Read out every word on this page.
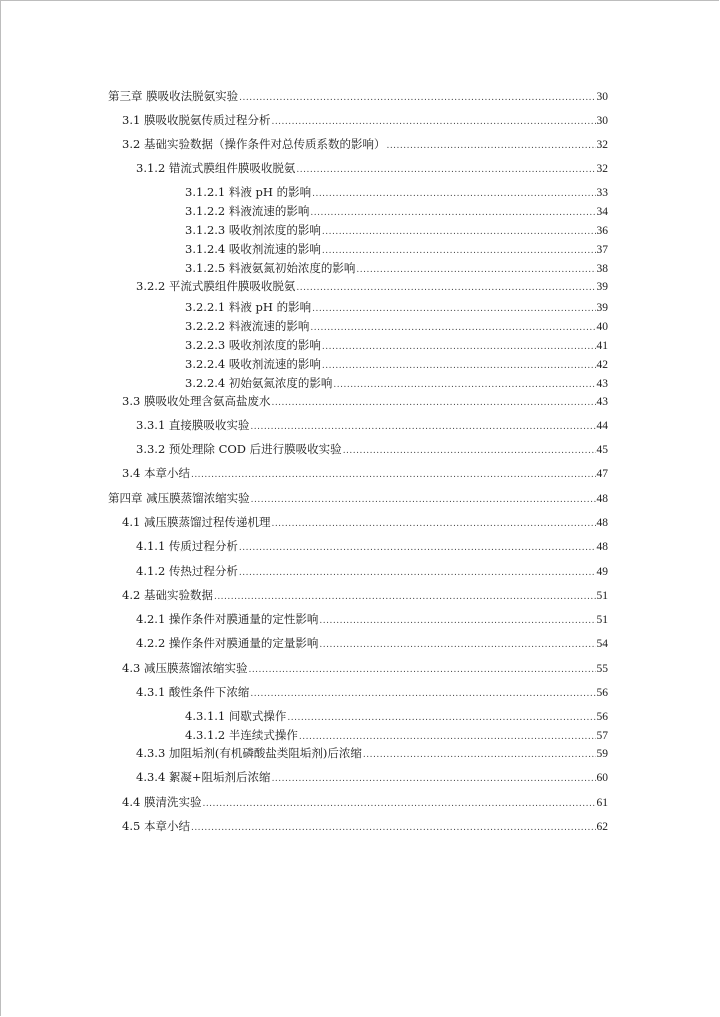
第三章 膜吸收法脱氨实验 .....	30
3.1 膜吸收脱氨传质过程分析 .....	30
3.2 基础实验数据（操作条件对总传质系数的影响） .....	32
3.1.2 错流式膜组件膜吸收脱氨 .....	32
3.1.2.1 料液 pH 的影响 .....	33
3.1.2.2 料液流速的影响 .....	34
3.1.2.3 吸收剂浓度的影响 .....	36
3.1.2.4 吸收剂流速的影响 .....	37
3.1.2.5 料液氨氮初始浓度的影响 .....	38
3.2.2 平流式膜组件膜吸收脱氨 .....	39
3.2.2.1 料液 pH 的影响 .....	39
3.2.2.2 料液流速的影响 .....	40
3.2.2.3 吸收剂浓度的影响 .....	41
3.2.2.4 吸收剂流速的影响 .....	42
3.2.2.4 初始氨氮浓度的影响 .....	43
3.3 膜吸收处理含氨高盐废水 .....	43
3.3.1 直接膜吸收实验 .....	44
3.3.2 预处理除 COD 后进行膜吸收实验 .....	45
3.4 本章小结 .....	47
第四章 减压膜蒸馏浓缩实验 .....	48
4.1 减压膜蒸馏过程传递机理 .....	48
4.1.1 传质过程分析 .....	48
4.1.2 传热过程分析 .....	49
4.2 基础实验数据 .....	51
4.2.1 操作条件对膜通量的定性影响 .....	51
4.2.2 操作条件对膜通量的定量影响 .....	54
4.3 减压膜蒸馏浓缩实验 .....	55
4.3.1 酸性条件下浓缩 .....	56
4.3.1.1 间歇式操作 .....	56
4.3.1.2 半连续式操作 .....	57
4.3.3 加阻垢剂(有机磷酸盐类阻垢剂)后浓缩 .....	59
4.3.4 絮凝+阻垢剂后浓缩 .....	60
4.4 膜清洗实验 .....	61
4.5 本章小结 .....	62
